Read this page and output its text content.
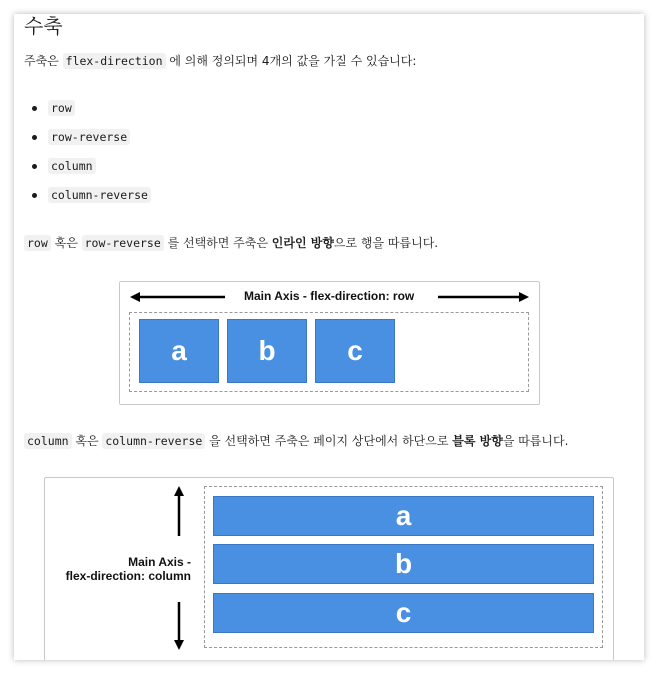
수축
주축은 flex-direction 에 의해 정의되며 4개의 값을 가질 수 있습니다:
row
row-reverse
column
column-reverse
row 혹은 row-reverse 를 선택하면 주축은 인라인 방향으로 행을 따릅니다.
Main Axis - flex-direction: row
a	b	c
column 혹은 column-reverse 을 선택하면 주축은 페이지 상단에서 하단으로 블록 방향을 따릅니다.
Main Axis -
flex-direction: column
a
b
c
